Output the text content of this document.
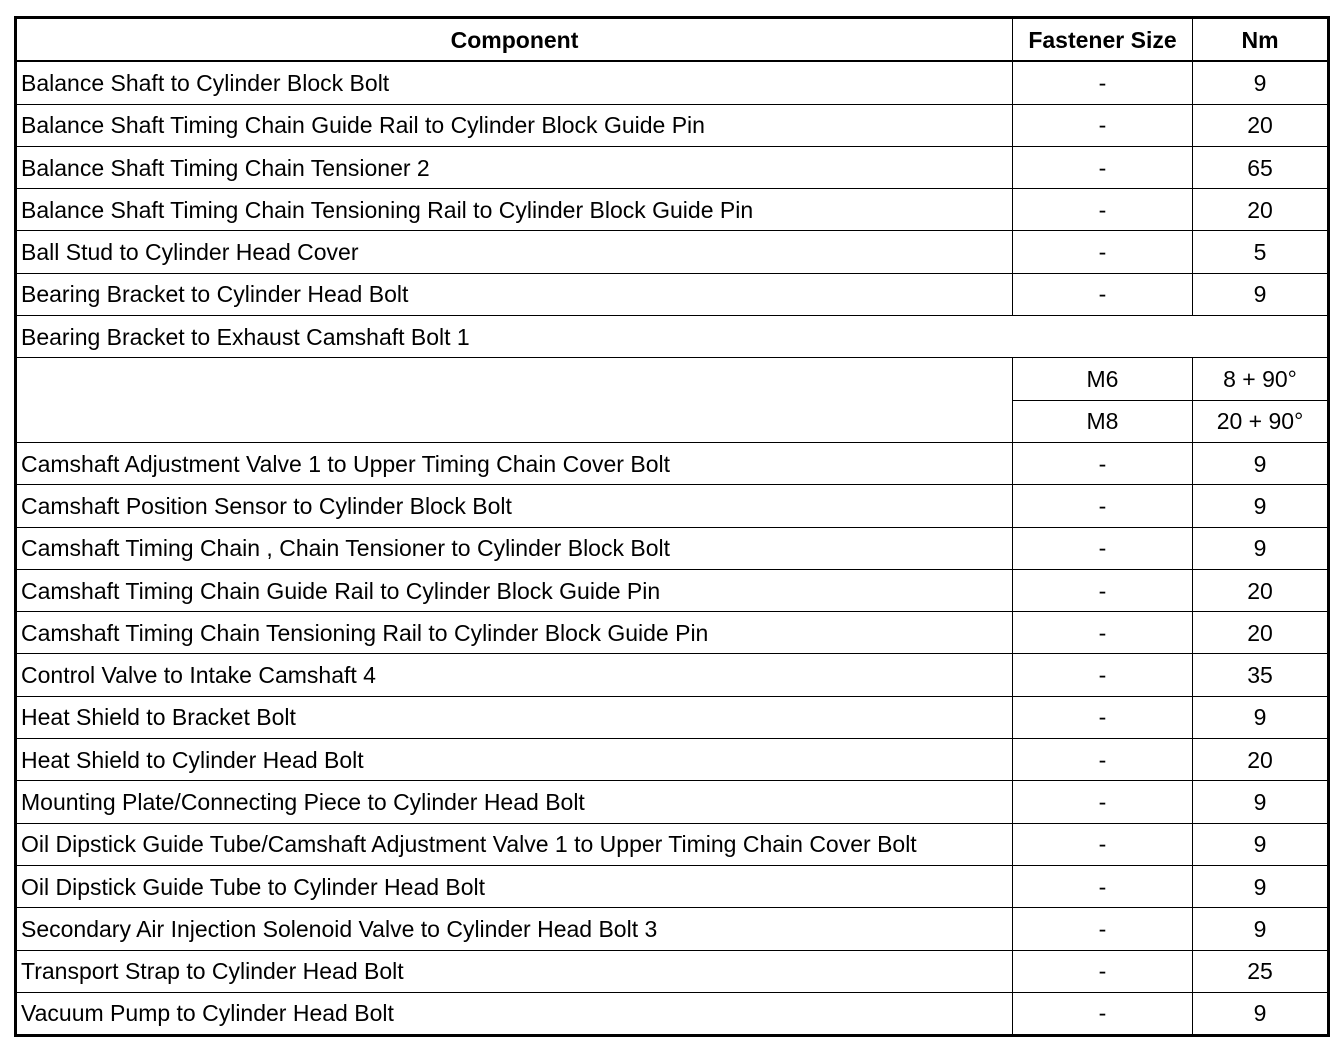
Component	Fastener Size	Nm
Balance Shaft to Cylinder Block Bolt	-	9
Balance Shaft Timing Chain Guide Rail to Cylinder Block Guide Pin	-	20
Balance Shaft Timing Chain Tensioner 2	-	65
Balance Shaft Timing Chain Tensioning Rail to Cylinder Block Guide Pin	-	20
Ball Stud to Cylinder Head Cover	-	5
Bearing Bracket to Cylinder Head Bolt	-	9
Bearing Bracket to Exhaust Camshaft Bolt 1		
	M6	8 + 90°
	M8	20 + 90°
Camshaft Adjustment Valve 1 to Upper Timing Chain Cover Bolt	-	9
Camshaft Position Sensor to Cylinder Block Bolt	-	9
Camshaft Timing Chain , Chain Tensioner to Cylinder Block Bolt	-	9
Camshaft Timing Chain Guide Rail to Cylinder Block Guide Pin	-	20
Camshaft Timing Chain Tensioning Rail to Cylinder Block Guide Pin	-	20
Control Valve to Intake Camshaft 4	-	35
Heat Shield to Bracket Bolt	-	9
Heat Shield to Cylinder Head Bolt	-	20
Mounting Plate/Connecting Piece to Cylinder Head Bolt	-	9
Oil Dipstick Guide Tube/Camshaft Adjustment Valve 1 to Upper Timing Chain Cover Bolt	-	9
Oil Dipstick Guide Tube to Cylinder Head Bolt	-	9
Secondary Air Injection Solenoid Valve to Cylinder Head Bolt 3	-	9
Transport Strap to Cylinder Head Bolt	-	25
Vacuum Pump to Cylinder Head Bolt	-	9
